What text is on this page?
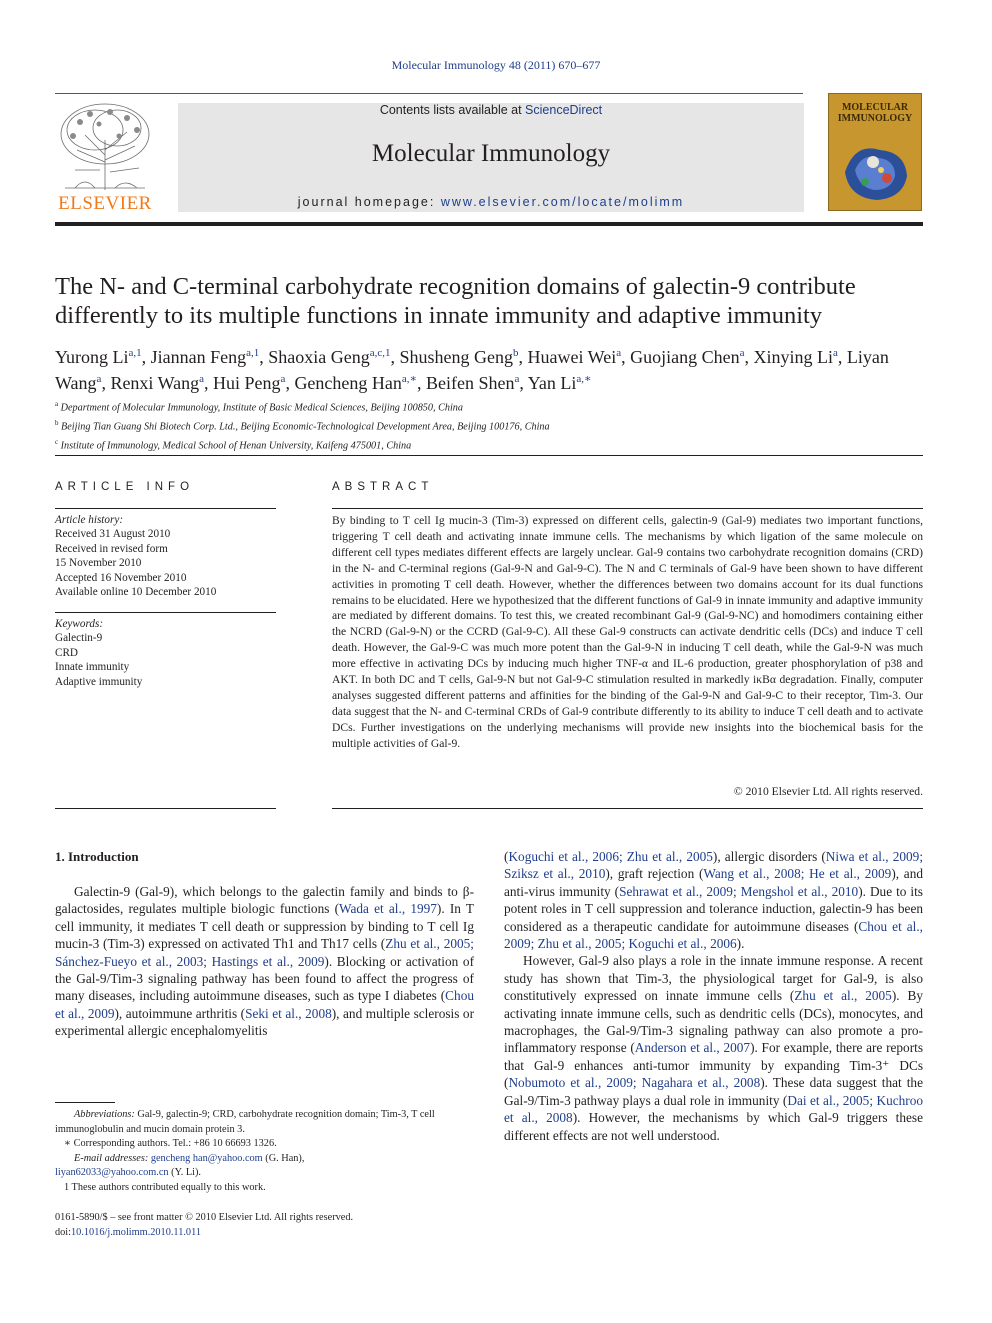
Molecular Immunology 48 (2011) 670–677
ELSEVIER
Contents lists available at ScienceDirect
Molecular Immunology
journal homepage: www.elsevier.com/locate/molimm
MOLECULAR IMMUNOLOGY
The N- and C-terminal carbohydrate recognition domains of galectin-9 contribute differently to its multiple functions in innate immunity and adaptive immunity
Yurong Li$^{a,1}$, Jiannan Feng$^{a,1}$, Shaoxia Geng$^{a,c,1}$, Shusheng Geng$^b$, Huawei Wei$^a$, Guojiang Chen$^a$, Xinying Li$^a$, Liyan Wang$^a$, Renxi Wang$^a$, Hui Peng$^a$, Gencheng Han$^{a,∗}$, Beifen Shen$^a$, Yan $Li^{a,∗}$
$^a$ Department of Molecular Immunology, Institute of Basic Medical Sciences, Beijing 100850, China
$^b$ Beijing Tian Guang Shi Biotech Corp. Ltd., Beijing Economic-Technological Development Area, Beijing 100176, China
$^c$ Institute of Immunology, Medical School of Henan University, Kaifeng 475001, China
ARTICLE INFO
Article history:
Received 31 August 2010
Received in revised form
15 November 2010
Accepted 16 November 2010
Available online 10 December 2010
Keywords:
Galectin-9
CRD
Innate immunity
Adaptive immunity
ABSTRACT
By binding to T cell Ig mucin-3 (Tim-3) expressed on different cells, galectin-9 (Gal-9) mediates two important functions, triggering T cell death and activating innate immune cells. The mechanisms by which ligation of the same molecule on different cell types mediates different effects are largely unclear. Gal-9 contains two carbohydrate recognition domains (CRD) in the N- and C-terminal regions (Gal-9-N and Gal-9-C). The N and C terminals of Gal-9 have been shown to have different activities in promoting T cell death. However, whether the differences between two domains account for its dual functions remains to be elucidated. Here we hypothesized that the different functions of Gal-9 in innate immunity and adaptive immunity are mediated by different domains. To test this, we created recombinant Gal-9 (Gal-9-NC) and homodimers containing either the NCRD (Gal-9-N) or the CCRD (Gal-9-C). All these Gal-9 constructs can activate dendritic cells (DCs) and induce T cell death. However, the Gal-9-C was much more potent than the Gal-9-N in inducing T cell death, while the Gal-9-N was much more effective in activating DCs by inducing much higher TNF-α and IL-6 production, greater phosphorylation of p38 and AKT. In both DC and T cells, Gal-9-N but not Gal-9-C stimulation resulted in markedly iκBα degradation. Finally, computer analyses suggested different patterns and affinities for the binding of the Gal-9-N and Gal-9-C to their receptor, Tim-3. Our data suggest that the N- and C-terminal CRDs of Gal-9 contribute differently to its ability to induce T cell death and to activate DCs. Further investigations on the underlying mechanisms will provide new insights into the biochemical basis for the multiple activities of Gal-9.
© 2010 Elsevier Ltd. All rights reserved.
1. Introduction

Galectin-9 (Gal-9), which belongs to the galectin family and binds to β-galactosides, regulates multiple biologic functions (Wada et al., 1997). In T cell immunity, it mediates T cell death or suppression by binding to T cell Ig mucin-3 (Tim-3) expressed on activated Th1 and Th17 cells (Zhu et al., 2005; Sánchez-Fueyo et al., 2003; Hastings et al., 2009). Blocking or activation of the Gal-9/Tim-3 signaling pathway has been found to affect the progress of many diseases, including autoimmune diseases, such as type I diabetes (Chou et al., 2009), autoimmune arthritis (Seki et al., 2008), and multiple sclerosis or experimental allergic encephalomyelitis

(Koguchi et al., 2006; Zhu et al., 2005), allergic disorders (Niwa et al., 2009; Sziksz et al., 2010), graft rejection (Wang et al., 2008; He et al., 2009), and anti-virus immunity (Sehrawat et al., 2009; Mengshol et al., 2010). Due to its potent roles in T cell suppression and tolerance induction, galectin-9 has been considered as a therapeutic candidate for autoimmune diseases (Chou et al., 2009; Zhu et al., 2005; Koguchi et al., 2006).

However, Gal-9 also plays a role in the innate immune response. A recent study has shown that Tim-3, the physiological target for Gal-9, is also constitutively expressed on innate immune cells (Zhu et al., 2005). By activating innate immune cells, such as dendritic cells (DCs), monocytes, and macrophages, the Gal-9/Tim-3 signaling pathway can also promote a pro-inflammatory response (Anderson et al., 2007). For example, there are reports that Gal-9 enhances anti-tumor immunity by expanding Tim-3⁺ DCs (Nobumoto et al., 2009; Nagahara et al., 2008). These data suggest that the Gal-9/Tim-3 pathway plays a dual role in immunity (Dai et al., 2005; Kuchroo et al., 2008). However, the mechanisms by which Gal-9 triggers these different effects are not well understood.

Abbreviations: Gal-9, galectin-9; CRD, carbohydrate recognition domain; Tim-3, T cell immunoglobulin and mucin domain protein 3.
∗ Corresponding authors. Tel.: +86 10 66693 1326.
E-mail addresses: gencheng han@yahoo.com (G. Han),
liyan62033@yahoo.com.cn (Y. Li).
1 These authors contributed equally to this work.
0161-5890/$ – see front matter © 2010 Elsevier Ltd. All rights reserved.
doi:10.1016/j.molimm.2010.11.011
